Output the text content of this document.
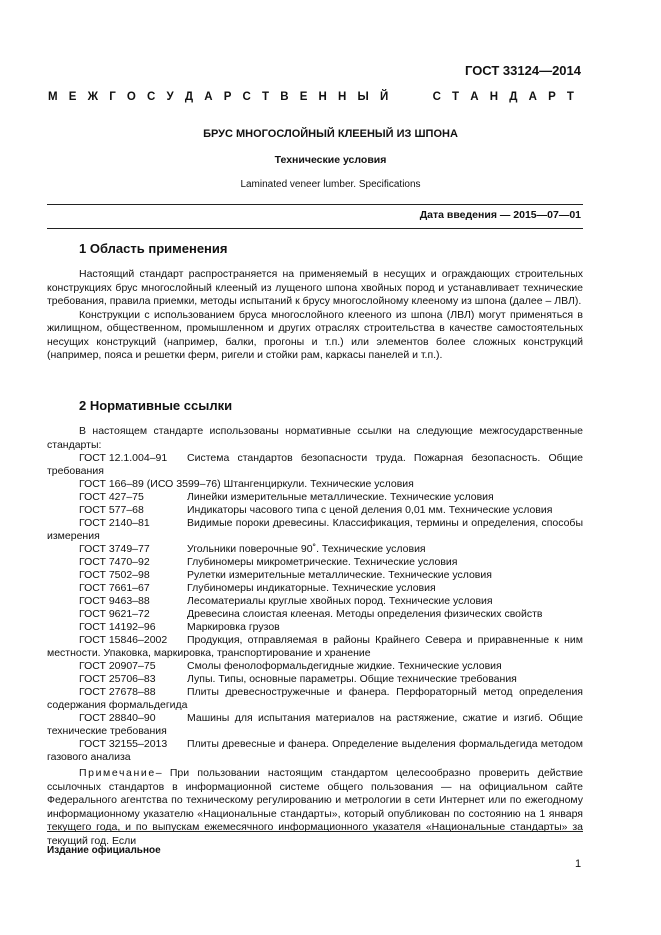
ГОСТ 33124—2014
М Е Ж Г О С У Д А Р С Т В Е Н Н Ы Й	С Т А Н Д А Р Т
БРУС МНОГОСЛОЙНЫЙ КЛЕЕНЫЙ ИЗ ШПОНА
Технические условия
Laminated veneer lumber. Specifications
Дата введения — 2015—07—01
1 Область применения

Настоящий стандарт распространяется на применяемый в несущих и ограждающих строительных конструкциях брус многослойный клееный из лущеного шпона хвойных пород и устанавливает технические требования, правила приемки, методы испытаний к брусу многослойному клееному из шпона (далее – ЛВЛ).

Конструкции с использованием бруса многослойного клееного из шпона (ЛВЛ) могут применяться в жилищном, общественном, промышленном и других отраслях строительства в качестве самостоятельных несущих конструкций (например, балки, прогоны и т.п.) или элементов более сложных конструкций (например, пояса и решетки ферм, ригели и стойки рам, каркасы панелей и т.п.).

2 Нормативные ссылки

В настоящем стандарте использованы нормативные ссылки на следующие межгосударственные стандарты:

ГОСТ 12.1.004–91 Система стандартов безопасности труда. Пожарная безопасность. Общие требования
ГОСТ 166–89 (ИСО 3599–76) Штангенциркули. Технические условия
ГОСТ 427–75	Линейки измерительные металлические. Технические условия
ГОСТ 577–68	Индикаторы часового типа с ценой деления 0,01 мм. Технические условия
ГОСТ 2140–81	Видимые пороки древесины. Классификация, термины и определения, способы измерения
ГОСТ 3749–77	Угольники поверочные 90˚. Технические условия
ГОСТ 7470–92	Глубиномеры микрометрические. Технические условия
ГОСТ 7502–98	Рулетки измерительные металлические. Технические условия
ГОСТ 7661–67	Глубиномеры индикаторные. Технические условия
ГОСТ 9463–88	Лесоматериалы круглые хвойных пород. Технические условия
ГОСТ 9621–72	Древесина слоистая клееная. Методы определения физических свойств
ГОСТ 14192–96	Маркировка грузов
ГОСТ 15846–2002 Продукция, отправляемая в районы Крайнего Севера и приравненные к ним местности. Упаковка, маркировка, транспортирование и хранение
ГОСТ 20907–75	Смолы фенолоформальдегидные жидкие. Технические условия
ГОСТ 25706–83	Лупы. Типы, основные параметры. Общие технические требования
ГОСТ 27678–88	Плиты древесностружечные и фанера. Перфораторный метод определения содержания формальдегида
ГОСТ 28840–90	Машины для испытания материалов на растяжение, сжатие и изгиб. Общие технические требования
ГОСТ 32155–2013 Плиты древесные и фанера. Определение выделения формальдегида методом газового анализа
Примечание– При пользовании настоящим стандартом целесообразно проверить действие ссылочных стандартов в информационной системе общего пользования — на официальном сайте Федерального агентства по техническому регулированию и метрологии в сети Интернет или по ежегодному информационному указателю «Национальные стандарты», который опубликован по состоянию на 1 января текущего года, и по выпускам ежемесячного информационного указателя «Национальные стандарты» за текущий год. Если
Издание официальное
1
